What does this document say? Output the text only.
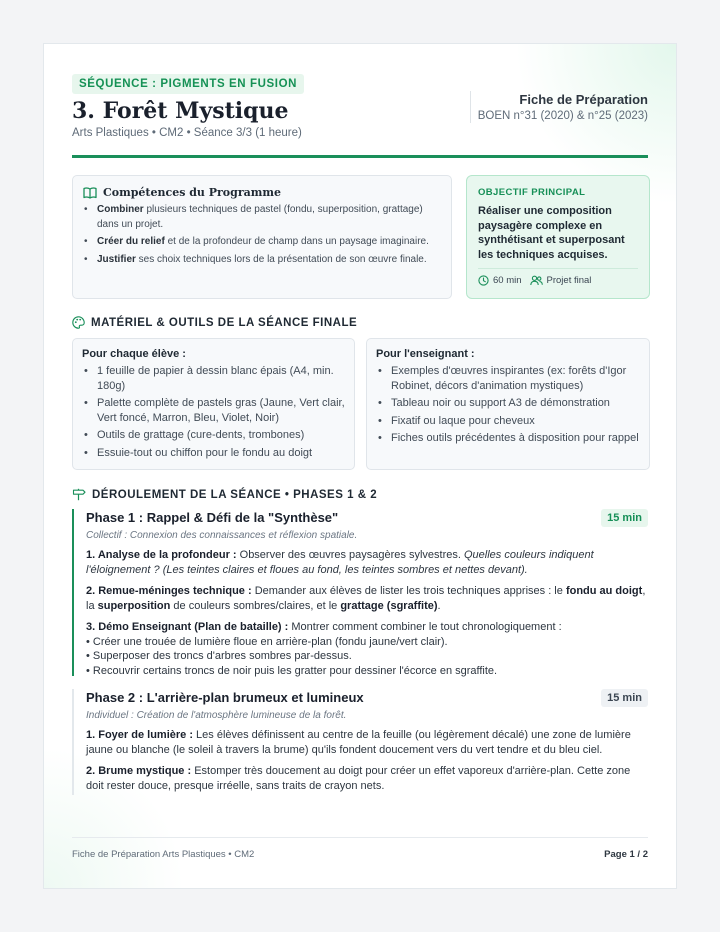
SÉQUENCE : PIGMENTS EN FUSION
3. Forêt Mystique
Arts Plastiques • CM2 • Séance 3/3 (1 heure)
Fiche de Préparation
BOEN n°31 (2020) & n°25 (2023)
Compétences du Programme
• Combiner plusieurs techniques de pastel (fondu, superposition, grattage) dans un projet.
• Créer du relief et de la profondeur de champ dans un paysage imaginaire.
• Justifier ses choix techniques lors de la présentation de son œuvre finale.
OBJECTIF PRINCIPAL
Réaliser une composition paysagère complexe en synthétisant et superposant les techniques acquises.
60 min	Projet final
MATÉRIEL & OUTILS DE LA SÉANCE FINALE
Pour chaque élève :
• 1 feuille de papier à dessin blanc épais (A4, min. 180g)
• Palette complète de pastels gras (Jaune, Vert clair, Vert foncé, Marron, Bleu, Violet, Noir)
• Outils de grattage (cure-dents, trombones)
• Essuie-tout ou chiffon pour le fondu au doigt
Pour l'enseignant :
• Exemples d'œuvres inspirantes (ex: forêts d'Igor Robinet, décors d'animation mystiques)
• Tableau noir ou support A3 de démonstration
• Fixatif ou laque pour cheveux
• Fiches outils précédentes à disposition pour rappel
DÉROULEMENT DE LA SÉANCE • PHASES 1 & 2
Phase 1 : Rappel & Défi de la "Synthèse"	15 min
Collectif : Connexion des connaissances et réflexion spatiale.
1. Analyse de la profondeur : Observer des œuvres paysagères sylvestres. Quelles couleurs indiquent l'éloignement ? (Les teintes claires et floues au fond, les teintes sombres et nettes devant).
2. Remue-méninges technique : Demander aux élèves de lister les trois techniques apprises : le fondu au doigt, la superposition de couleurs sombres/claires, et le grattage (sgraffite).
3. Démo Enseignant (Plan de bataille) : Montrer comment combiner le tout chronologiquement :
• Créer une trouée de lumière floue en arrière-plan (fondu jaune/vert clair).
• Superposer des troncs d'arbres sombres par-dessus.
• Recouvrir certains troncs de noir puis les gratter pour dessiner l'écorce en sgraffite.
Phase 2 : L'arrière-plan brumeux et lumineux	15 min
Individuel : Création de l'atmosphère lumineuse de la forêt.
1. Foyer de lumière : Les élèves définissent au centre de la feuille (ou légèrement décalé) une zone de lumière jaune ou blanche (le soleil à travers la brume) qu'ils fondent doucement vers du vert tendre et du bleu ciel.
2. Brume mystique : Estomper très doucement au doigt pour créer un effet vaporeux d'arrière-plan. Cette zone doit rester douce, presque irréelle, sans traits de crayon nets.
Fiche de Préparation Arts Plastiques • CM2	Page 1 / 2
